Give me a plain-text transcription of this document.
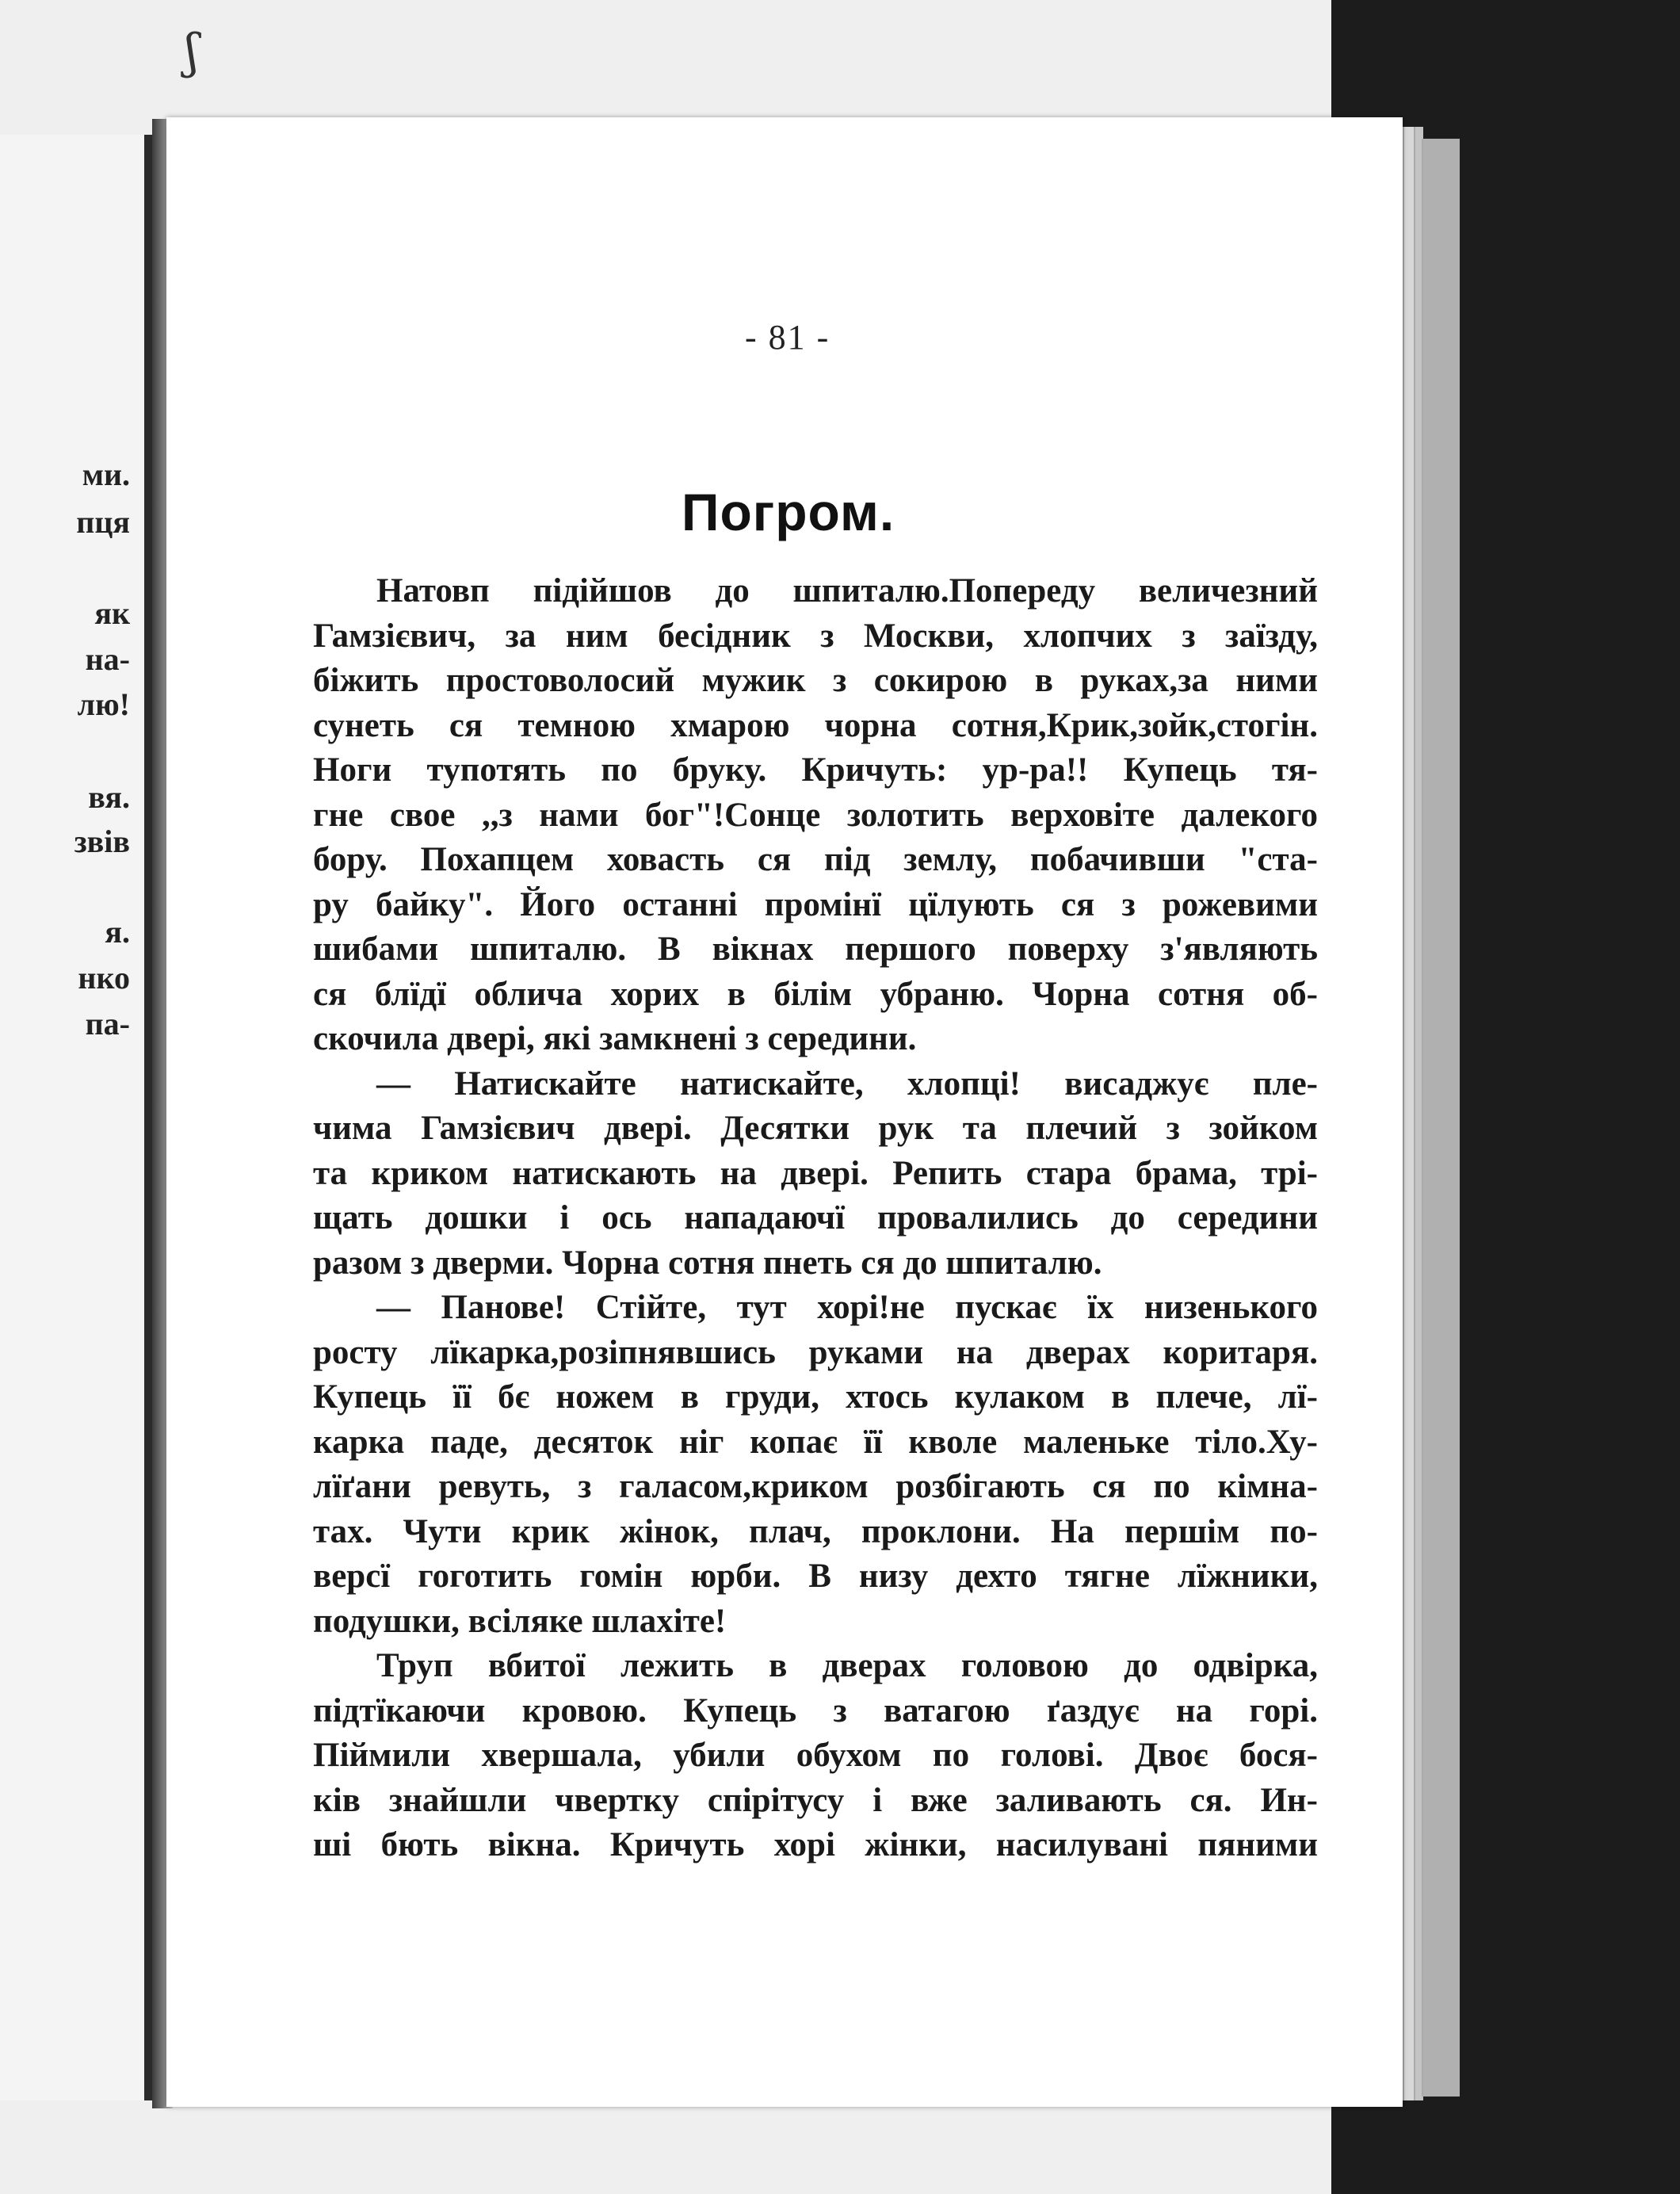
ʃ
ми.
пця
як
на-
лю!
вя.
звів
я.
нко
па-
- 81 -
Погром.
Натовп підійшов до шпиталю.Попереду величезний
Гамзієвич, за ним бесідник з Москви, хлопчих з заїзду,
біжить простоволосий мужик з сокирою в руках,за ними
сунеть ся темною хмарою чорна сотня,Крик,зойк,стогін.
Ноги тупотять по бруку. Кричуть: ур-ра!! Купець тя-
гне свое ,,з нами бог"!Сонце золотить верховіте далекого
бору. Похапцем ховасть ся під землу, побачивши "ста-
ру байку". Його останні промінї цїлують ся з рожевими
шибами шпиталю. В вікнах першого поверху з'являють
ся блїдї облича хорих в білім убраню. Чорна сотня об-
скочила двері, які замкнені з середини.
— Натискайте натискайте, хлопці! висаджує пле-
чима Гамзієвич двері. Десятки рук та плечий з зойком
та криком натискають на двері. Репить стара брама, трі-
щать дошки і ось нападаючї провалились до середини
разом з дверми. Чорна сотня пнеть ся до шпиталю.
— Панове! Стійте, тут хорі!не пускає їх низенького
росту лїкарка,розіпнявшись руками на дверах коритаря.
Купець її бє ножем в груди, хтось кулаком в плече, лї-
карка паде, десяток ніг копає її кволе маленьке тіло.Ху-
лїґани ревуть, з галасом,криком розбігають ся по кімна-
тах. Чути крик жінок, плач, проклони. На першім по-
версї гоготить гомін юрби. В низу дехто тягне лїжники,
подушки, всіляке шлахіте!
Труп вбитої лежить в дверах головою до одвірка,
підтїкаючи кровою. Купець з ватагою ґаздує на горі.
Піймили хвершала, убили обухом по голові. Двоє бося-
ків знайшли чвертку спірітусу і вже заливають ся. Ин-
ші бють вікна. Кричуть хорі жінки, насилувані пяними
